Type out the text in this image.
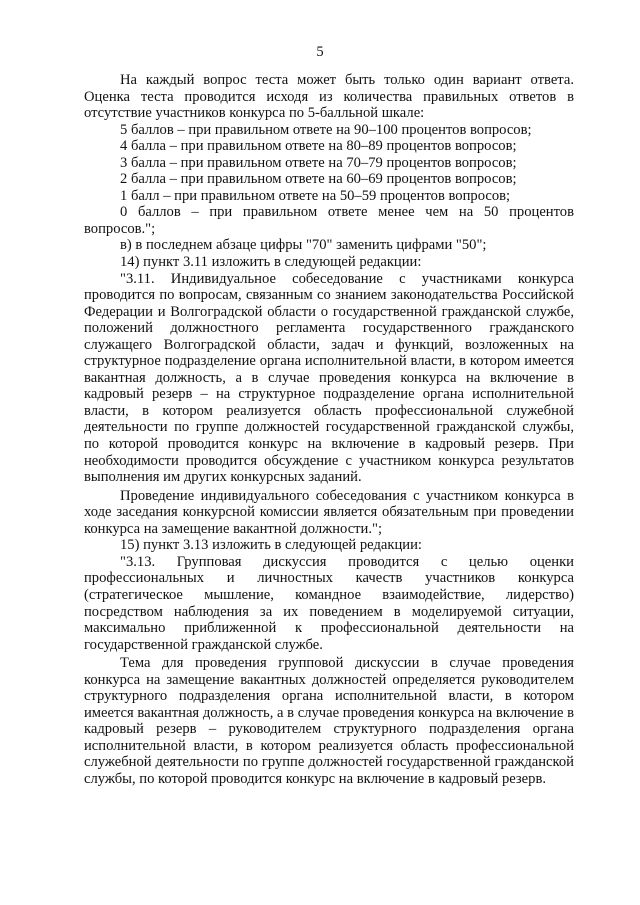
5

На каждый вопрос теста может быть только один вариант ответа. Оценка теста проводится исходя из количества правильных ответов в отсутствие участников конкурса по 5-балльной шкале:

5 баллов – при правильном ответе на 90–100 процентов вопросов;

4 балла – при правильном ответе на 80–89 процентов вопросов;

3 балла – при правильном ответе на 70–79 процентов вопросов;

2 балла – при правильном ответе на 60–69 процентов вопросов;

1 балл – при правильном ответе на 50–59 процентов вопросов;

0 баллов – при правильном ответе менее чем на 50 процентов вопросов.";

в) в последнем абзаце цифры "70" заменить цифрами "50";

14) пункт 3.11 изложить в следующей редакции:

"3.11. Индивидуальное собеседование с участниками конкурса проводится по вопросам, связанным со знанием законодательства Российской Федерации и Волгоградской области о государственной гражданской службе, положений должностного регламента государственного гражданского служащего Волгоградской области, задач и функций, возложенных на структурное подразделение органа исполнительной власти, в котором имеется вакантная должность, а в случае проведения конкурса на включение в кадровый резерв – на структурное подразделение органа исполнительной власти, в котором реализуется область профессиональной служебной деятельности по группе должностей государственной гражданской службы, по которой проводится конкурс на включение в кадровый резерв. При необходимости проводится обсуждение с участником конкурса результатов выполнения им других конкурсных заданий.

Проведение индивидуального собеседования с участником конкурса в ходе заседания конкурсной комиссии является обязательным при проведении конкурса на замещение вакантной должности.";

15) пункт 3.13 изложить в следующей редакции:

"3.13. Групповая дискуссия проводится с целью оценки профессиональных и личностных качеств участников конкурса (стратегическое мышление, командное взаимодействие, лидерство) посредством наблюдения за их поведением в моделируемой ситуации, максимально приближенной к профессиональной деятельности на государственной гражданской службе.

Тема для проведения групповой дискуссии в случае проведения конкурса на замещение вакантных должностей определяется руководителем структурного подразделения органа исполнительной власти, в котором имеется вакантная должность, а в случае проведения конкурса на включение в кадровый резерв – руководителем структурного подразделения органа исполнительной власти, в котором реализуется область профессиональной служебной деятельности по группе должностей государственной гражданской службы, по которой проводится конкурс на включение в кадровый резерв.
